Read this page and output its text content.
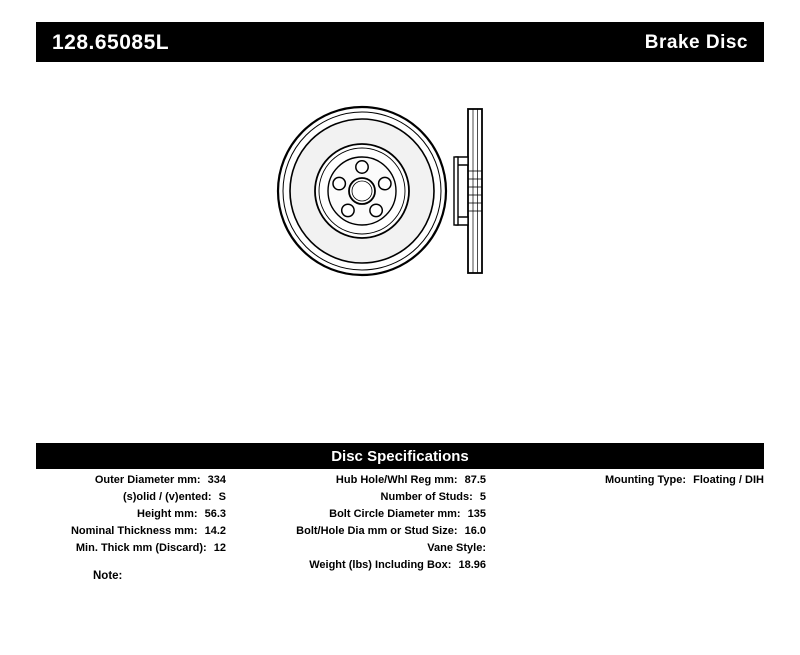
128.65085L	Brake Disc
Disc Specifications
Outer Diameter mm: 334
(s)olid / (v)ented: S
Height mm: 56.3
Nominal Thickness mm: 14.2
Min. Thick mm (Discard): 12
Hub Hole/Whl Reg mm: 87.5
Number of Studs: 5
Bolt Circle Diameter mm: 135
Bolt/Hole Dia mm or Stud Size: 16.0
Vane Style:
Weight (lbs) Including Box: 18.96
Mounting Type: Floating / DIH
Note:
